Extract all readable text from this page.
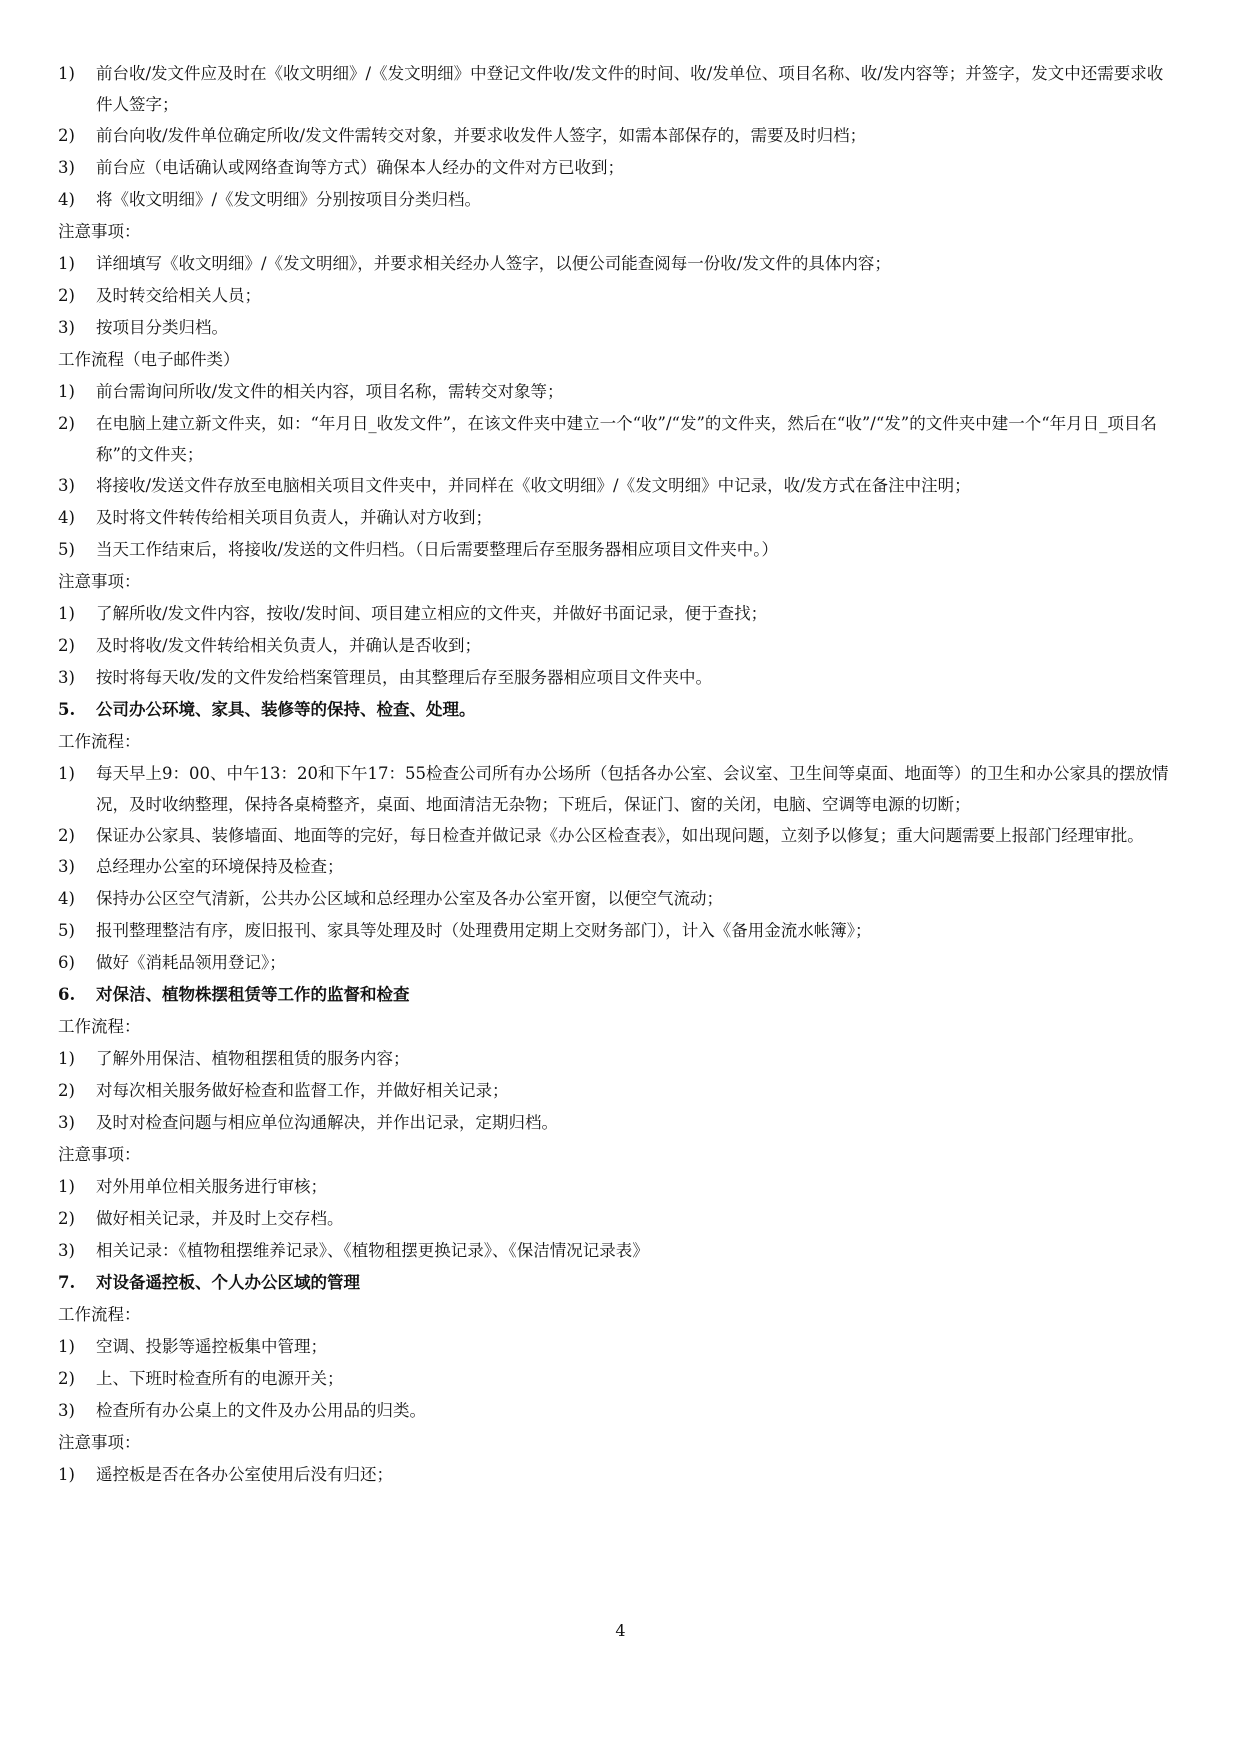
1) 前台收/发文件应及时在《收文明细》/《发文明细》中登记文件收/发文件的时间、收/发单位、项目名称、收/发内容等；并签字，发文中还需要求收件人签字；
2) 前台向收/发件单位确定所收/发文件需转交对象，并要求收发件人签字，如需本部保存的，需要及时归档；
3) 前台应（电话确认或网络查询等方式）确保本人经办的文件对方已收到；
4) 将《收文明细》/《发文明细》分别按项目分类归档。
注意事项：
1) 详细填写《收文明细》/《发文明细》，并要求相关经办人签字，以便公司能查阅每一份收/发文件的具体内容；
2) 及时转交给相关人员；
3) 按项目分类归档。
工作流程（电子邮件类）
1) 前台需询问所收/发文件的相关内容，项目名称，需转交对象等；
2) 在电脑上建立新文件夹，如：“年月日_收发文件”，在该文件夹中建立一个“收”/“发”的文件夹，然后在“收”/“发”的文件夹中建一个“年月日_项目名称”的文件夹；
3) 将接收/发送文件存放至电脑相关项目文件夹中，并同样在《收文明细》/《发文明细》中记录，收/发方式在备注中注明；
4) 及时将文件转传给相关项目负责人，并确认对方收到；
5) 当天工作结束后，将接收/发送的文件归档。（日后需要整理后存至服务器相应项目文件夹中。）
注意事项：
1) 了解所收/发文件内容，按收/发时间、项目建立相应的文件夹，并做好书面记录，便于查找；
2) 及时将收/发文件转给相关负责人，并确认是否收到；
3) 按时将每天收/发的文件发给档案管理员，由其整理后存至服务器相应项目文件夹中。
5. 公司办公环境、家具、装修等的保持、检查、处理。
工作流程：
1) 每天早上9：00、中午13：20和下午17：55检查公司所有办公场所（包括各办公室、会议室、卫生间等桌面、地面等）的卫生和办公家具的摆放情况，及时收纳整理，保持各桌椅整齐，桌面、地面清洁无杂物；下班后，保证门、窗的关闭，电脑、空调等电源的切断；
2) 保证办公家具、装修墙面、地面等的完好，每日检查并做记录《办公区检查表》，如出现问题，立刻予以修复；重大问题需要上报部门经理审批。
3) 总经理办公室的环境保持及检查；
4) 保持办公区空气清新，公共办公区域和总经理办公室及各办公室开窗，以便空气流动；
5) 报刊整理整洁有序，废旧报刊、家具等处理及时（处理费用定期上交财务部门），计入《备用金流水帐簿》；
6) 做好《消耗品领用登记》；
6. 对保洁、植物株摆租赁等工作的监督和检查
工作流程：
1) 了解外用保洁、植物租摆租赁的服务内容；
2) 对每次相关服务做好检查和监督工作，并做好相关记录；
3) 及时对检查问题与相应单位沟通解决，并作出记录，定期归档。
注意事项：
1) 对外用单位相关服务进行审核；
2) 做好相关记录，并及时上交存档。
3) 相关记录：《植物租摆维养记录》、《植物租摆更换记录》、《保洁情况记录表》
7. 对设备遥控板、个人办公区域的管理
工作流程：
1) 空调、投影等遥控板集中管理；
2) 上、下班时检查所有的电源开关；
3) 检查所有办公桌上的文件及办公用品的归类。
注意事项：
1) 遥控板是否在各办公室使用后没有归还；
4
